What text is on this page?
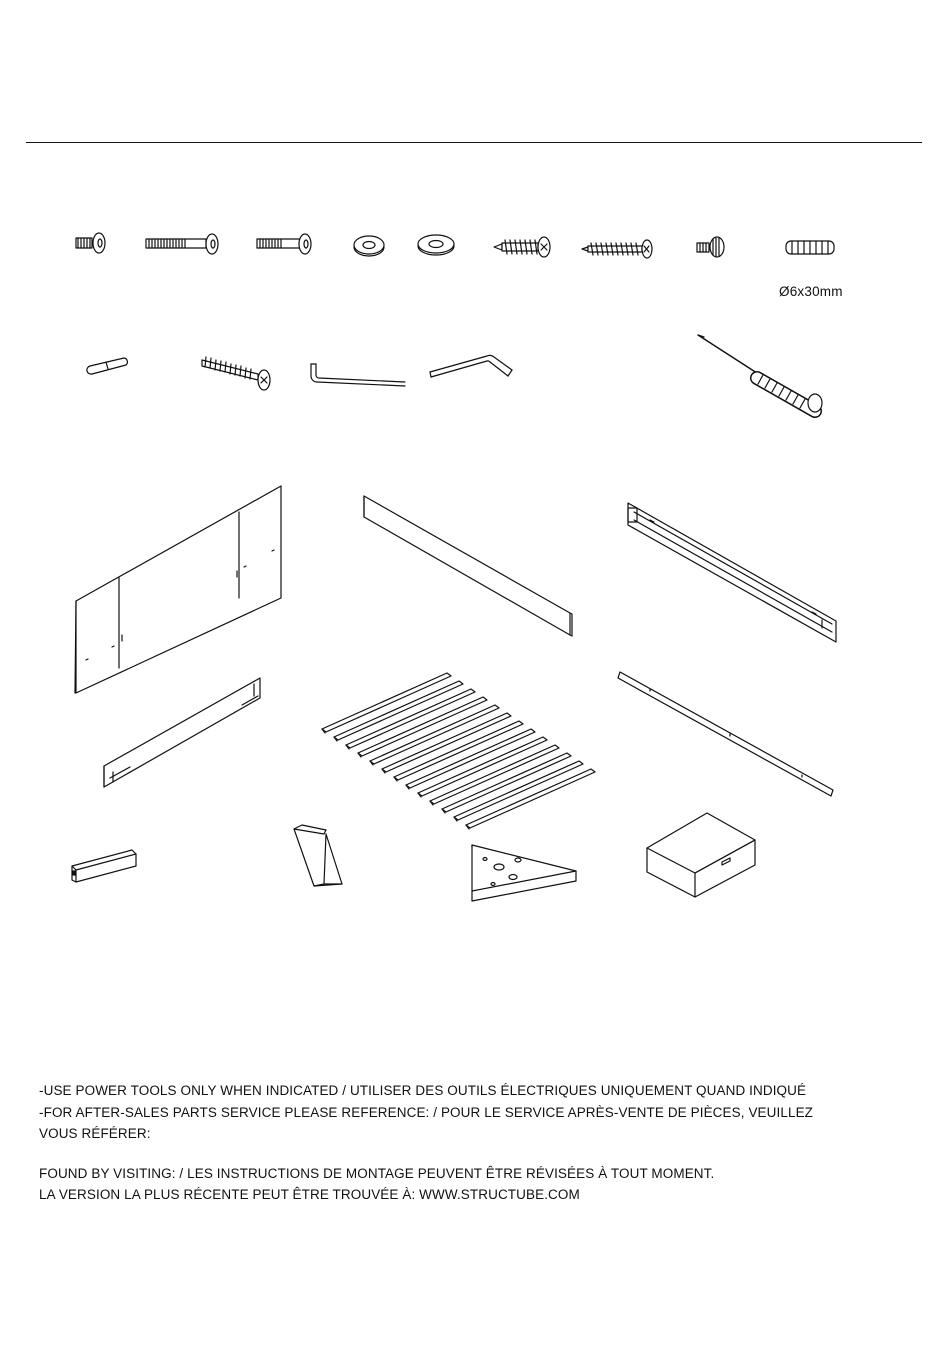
Ø6x30mm

-USE POWER TOOLS ONLY WHEN INDICATED / UTILISER DES OUTILS ÉLECTRIQUES UNIQUEMENT QUAND INDIQUÉ

-FOR AFTER-SALES PARTS SERVICE PLEASE REFERENCE: / POUR LE SERVICE APRÈS-VENTE DE PIÈCES, VEUILLEZ

VOUS RÉFÉRER:

FOUND BY VISITING: / LES INSTRUCTIONS DE MONTAGE PEUVENT ÊTRE RÉVISÉES À TOUT MOMENT.

LA VERSION LA PLUS RÉCENTE PEUT ÊTRE TROUVÉE À: WWW.STRUCTUBE.COM
